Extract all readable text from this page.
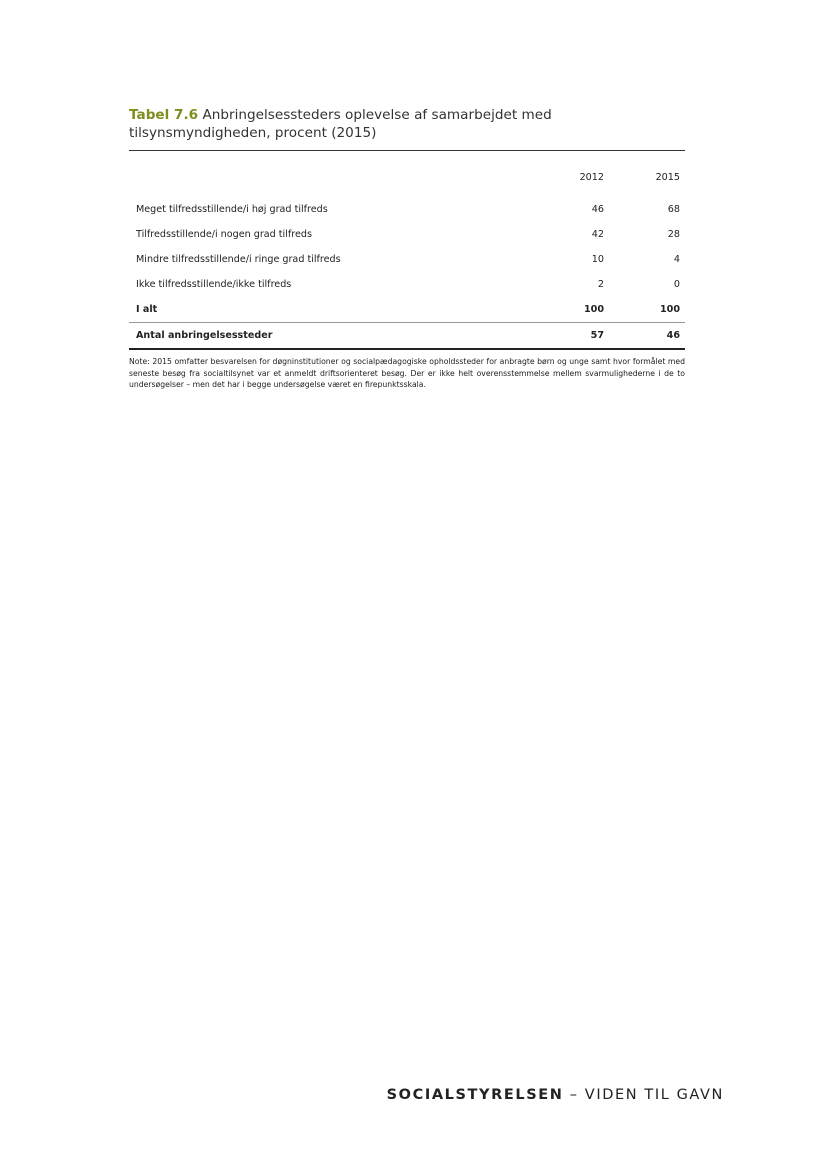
Tabel 7.6 Anbringelsessteders oplevelse af samarbejdet med tilsynsmyndigheden, procent (2015)

	2012	2015
Meget tilfredsstillende/i høj grad tilfreds	46	68
Tilfredsstillende/i nogen grad tilfreds	42	28
Mindre tilfredsstillende/i ringe grad tilfreds	10	4
Ikke tilfredsstillende/ikke tilfreds	2	0
I alt	100	100
Antal anbringelsessteder	57	46

Note: 2015 omfatter besvarelsen for døgninstitutioner og socialpædagogiske opholdssteder for anbragte børn og unge samt hvor formålet med seneste besøg fra socialtilsynet var et anmeldt driftsorienteret besøg. Der er ikke helt overensstemmelse mellem svarmulighederne i de to undersøgelser – men det har i begge undersøgelse været en firepunktsskala.

SOCIALSTYRELSEN – VIDEN TIL GAVN
